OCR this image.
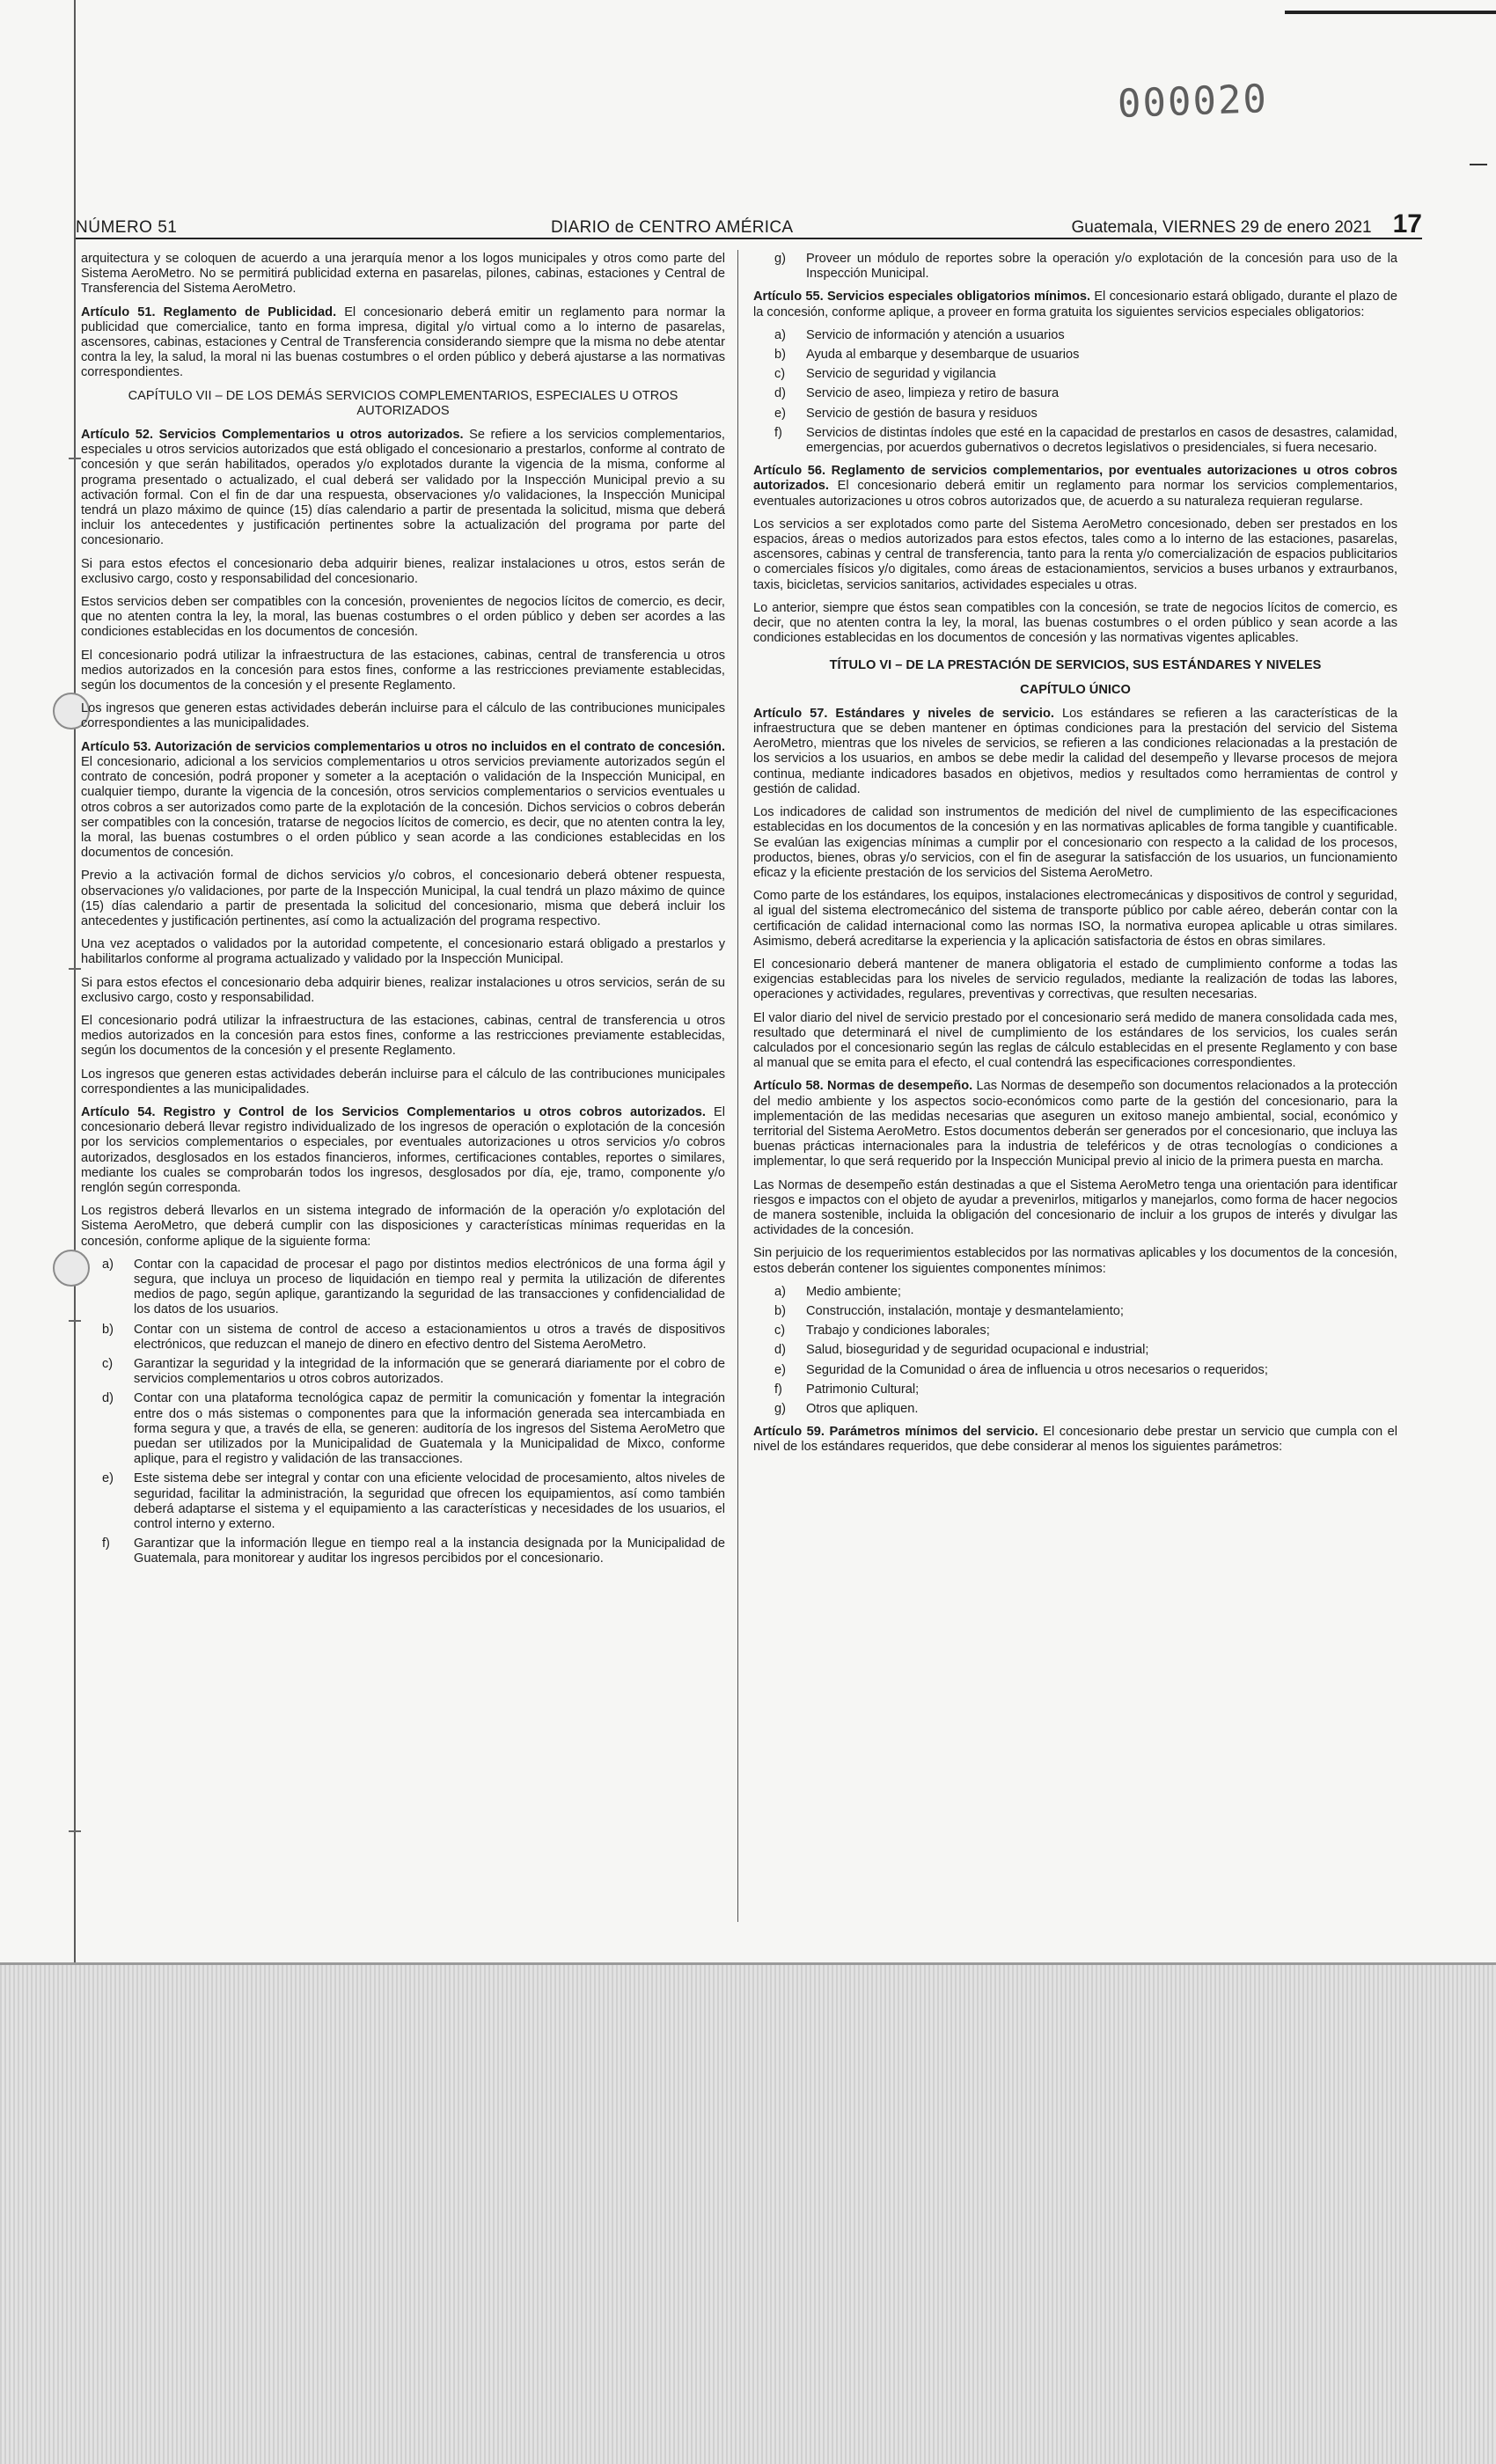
000020
NÚMERO 51	DIARIO de CENTRO AMÉRICA	Guatemala, VIERNES 29 de enero 2021 17

arquitectura y se coloquen de acuerdo a una jerarquía menor a los logos municipales y otros como parte del Sistema AeroMetro. No se permitirá publicidad externa en pasarelas, pilones, cabinas, estaciones y Central de Transferencia del Sistema AeroMetro.

Artículo 51. Reglamento de Publicidad. El concesionario deberá emitir un reglamento para normar la publicidad que comercialice, tanto en forma impresa, digital y/o virtual como a lo interno de pasarelas, ascensores, cabinas, estaciones y Central de Transferencia considerando siempre que la misma no debe atentar contra la ley, la salud, la moral ni las buenas costumbres o el orden público y deberá ajustarse a las normativas correspondientes.

CAPÍTULO VII – DE LOS DEMÁS SERVICIOS COMPLEMENTARIOS, ESPECIALES U OTROS AUTORIZADOS

Artículo 52. Servicios Complementarios u otros autorizados. Se refiere a los servicios complementarios, especiales u otros servicios autorizados que está obligado el concesionario a prestarlos, conforme al contrato de concesión y que serán habilitados, operados y/o explotados durante la vigencia de la misma, conforme al programa presentado o actualizado, el cual deberá ser validado por la Inspección Municipal previo a su activación formal. Con el fin de dar una respuesta, observaciones y/o validaciones, la Inspección Municipal tendrá un plazo máximo de quince (15) días calendario a partir de presentada la solicitud, misma que deberá incluir los antecedentes y justificación pertinentes sobre la actualización del programa por parte del concesionario.

Si para estos efectos el concesionario deba adquirir bienes, realizar instalaciones u otros, estos serán de exclusivo cargo, costo y responsabilidad del concesionario.

Estos servicios deben ser compatibles con la concesión, provenientes de negocios lícitos de comercio, es decir, que no atenten contra la ley, la moral, las buenas costumbres o el orden público y deben ser acordes a las condiciones establecidas en los documentos de concesión.

El concesionario podrá utilizar la infraestructura de las estaciones, cabinas, central de transferencia u otros medios autorizados en la concesión para estos fines, conforme a las restricciones previamente establecidas, según los documentos de la concesión y el presente Reglamento.

Los ingresos que generen estas actividades deberán incluirse para el cálculo de las contribuciones municipales correspondientes a las municipalidades.

Artículo 53. Autorización de servicios complementarios u otros no incluidos en el contrato de concesión. El concesionario, adicional a los servicios complementarios u otros servicios previamente autorizados según el contrato de concesión, podrá proponer y someter a la aceptación o validación de la Inspección Municipal, en cualquier tiempo, durante la vigencia de la concesión, otros servicios complementarios o servicios eventuales u otros cobros a ser autorizados como parte de la explotación de la concesión. Dichos servicios o cobros deberán ser compatibles con la concesión, tratarse de negocios lícitos de comercio, es decir, que no atenten contra la ley, la moral, las buenas costumbres o el orden público y sean acorde a las condiciones establecidas en los documentos de concesión.

Previo a la activación formal de dichos servicios y/o cobros, el concesionario deberá obtener respuesta, observaciones y/o validaciones, por parte de la Inspección Municipal, la cual tendrá un plazo máximo de quince (15) días calendario a partir de presentada la solicitud del concesionario, misma que deberá incluir los antecedentes y justificación pertinentes, así como la actualización del programa respectivo.

Una vez aceptados o validados por la autoridad competente, el concesionario estará obligado a prestarlos y habilitarlos conforme al programa actualizado y validado por la Inspección Municipal.

Si para estos efectos el concesionario deba adquirir bienes, realizar instalaciones u otros servicios, serán de su exclusivo cargo, costo y responsabilidad.

El concesionario podrá utilizar la infraestructura de las estaciones, cabinas, central de transferencia u otros medios autorizados en la concesión para estos fines, conforme a las restricciones previamente establecidas, según los documentos de la concesión y el presente Reglamento.

Los ingresos que generen estas actividades deberán incluirse para el cálculo de las contribuciones municipales correspondientes a las municipalidades.

Artículo 54. Registro y Control de los Servicios Complementarios u otros cobros autorizados. El concesionario deberá llevar registro individualizado de los ingresos de operación o explotación de la concesión por los servicios complementarios o especiales, por eventuales autorizaciones u otros servicios y/o cobros autorizados, desglosados en los estados financieros, informes, certificaciones contables, reportes o similares, mediante los cuales se comprobarán todos los ingresos, desglosados por día, eje, tramo, componente y/o renglón según corresponda.

Los registros deberá llevarlos en un sistema integrado de información de la operación y/o explotación del Sistema AeroMetro, que deberá cumplir con las disposiciones y características mínimas requeridas en la concesión, conforme aplique de la siguiente forma:

a)	Contar con la capacidad de procesar el pago por distintos medios electrónicos de una forma ágil y segura, que incluya un proceso de liquidación en tiempo real y permita la utilización de diferentes medios de pago, según aplique, garantizando la seguridad de las transacciones y confidencialidad de los datos de los usuarios.
b)	Contar con un sistema de control de acceso a estacionamientos u otros a través de dispositivos electrónicos, que reduzcan el manejo de dinero en efectivo dentro del Sistema AeroMetro.
c)	Garantizar la seguridad y la integridad de la información que se generará diariamente por el cobro de servicios complementarios u otros cobros autorizados.
d)	Contar con una plataforma tecnológica capaz de permitir la comunicación y fomentar la integración entre dos o más sistemas o componentes para que la información generada sea intercambiada en forma segura y que, a través de ella, se generen: auditoría de los ingresos del Sistema AeroMetro que puedan ser utilizados por la Municipalidad de Guatemala y la Municipalidad de Mixco, conforme aplique, para el registro y validación de las transacciones.
e)	Este sistema debe ser integral y contar con una eficiente velocidad de procesamiento, altos niveles de seguridad, facilitar la administración, la seguridad que ofrecen los equipamientos, así como también deberá adaptarse el sistema y el equipamiento a las características y necesidades de los usuarios, el control interno y externo.
f)	Garantizar que la información llegue en tiempo real a la instancia designada por la Municipalidad de Guatemala, para monitorear y auditar los ingresos percibidos por el concesionario.
g)	Proveer un módulo de reportes sobre la operación y/o explotación de la concesión para uso de la Inspección Municipal.

Artículo 55. Servicios especiales obligatorios mínimos. El concesionario estará obligado, durante el plazo de la concesión, conforme aplique, a proveer en forma gratuita los siguientes servicios especiales obligatorios:

a)	Servicio de información y atención a usuarios
b)	Ayuda al embarque y desembarque de usuarios
c)	Servicio de seguridad y vigilancia
d)	Servicio de aseo, limpieza y retiro de basura
e)	Servicio de gestión de basura y residuos
f)	Servicios de distintas índoles que esté en la capacidad de prestarlos en casos de desastres, calamidad, emergencias, por acuerdos gubernativos o decretos legislativos o presidenciales, si fuera necesario.

Artículo 56. Reglamento de servicios complementarios, por eventuales autorizaciones u otros cobros autorizados. El concesionario deberá emitir un reglamento para normar los servicios complementarios, eventuales autorizaciones u otros cobros autorizados que, de acuerdo a su naturaleza requieran regularse.

Los servicios a ser explotados como parte del Sistema AeroMetro concesionado, deben ser prestados en los espacios, áreas o medios autorizados para estos efectos, tales como a lo interno de las estaciones, pasarelas, ascensores, cabinas y central de transferencia, tanto para la renta y/o comercialización de espacios publicitarios o comerciales físicos y/o digitales, como áreas de estacionamientos, servicios a buses urbanos y extraurbanos, taxis, bicicletas, servicios sanitarios, actividades especiales u otras.

Lo anterior, siempre que éstos sean compatibles con la concesión, se trate de negocios lícitos de comercio, es decir, que no atenten contra la ley, la moral, las buenas costumbres o el orden público y sean acorde a las condiciones establecidas en los documentos de concesión y las normativas vigentes aplicables.

TÍTULO VI – DE LA PRESTACIÓN DE SERVICIOS, SUS ESTÁNDARES Y NIVELES

CAPÍTULO ÚNICO

Artículo 57. Estándares y niveles de servicio. Los estándares se refieren a las características de la infraestructura que se deben mantener en óptimas condiciones para la prestación del servicio del Sistema AeroMetro, mientras que los niveles de servicios, se refieren a las condiciones relacionadas a la prestación de los servicios a los usuarios, en ambos se debe medir la calidad del desempeño y llevarse procesos de mejora continua, mediante indicadores basados en objetivos, medios y resultados como herramientas de control y gestión de calidad.

Los indicadores de calidad son instrumentos de medición del nivel de cumplimiento de las especificaciones establecidas en los documentos de la concesión y en las normativas aplicables de forma tangible y cuantificable. Se evalúan las exigencias mínimas a cumplir por el concesionario con respecto a la calidad de los procesos, productos, bienes, obras y/o servicios, con el fin de asegurar la satisfacción de los usuarios, un funcionamiento eficaz y la eficiente prestación de los servicios del Sistema AeroMetro.

Como parte de los estándares, los equipos, instalaciones electromecánicas y dispositivos de control y seguridad, al igual del sistema electromecánico del sistema de transporte público por cable aéreo, deberán contar con la certificación de calidad internacional como las normas ISO, la normativa europea aplicable u otras similares. Asimismo, deberá acreditarse la experiencia y la aplicación satisfactoria de éstos en obras similares.

El concesionario deberá mantener de manera obligatoria el estado de cumplimiento conforme a todas las exigencias establecidas para los niveles de servicio regulados, mediante la realización de todas las labores, operaciones y actividades, regulares, preventivas y correctivas, que resulten necesarias.

El valor diario del nivel de servicio prestado por el concesionario será medido de manera consolidada cada mes, resultado que determinará el nivel de cumplimiento de los estándares de los servicios, los cuales serán calculados por el concesionario según las reglas de cálculo establecidas en el presente Reglamento y con base al manual que se emita para el efecto, el cual contendrá las especificaciones correspondientes.

Artículo 58. Normas de desempeño. Las Normas de desempeño son documentos relacionados a la protección del medio ambiente y los aspectos socio-económicos como parte de la gestión del concesionario, para la implementación de las medidas necesarias que aseguren un exitoso manejo ambiental, social, económico y territorial del Sistema AeroMetro. Estos documentos deberán ser generados por el concesionario, que incluya las buenas prácticas internacionales para la industria de teleféricos y de otras tecnologías o condiciones a implementar, lo que será requerido por la Inspección Municipal previo al inicio de la primera puesta en marcha.

Las Normas de desempeño están destinadas a que el Sistema AeroMetro tenga una orientación para identificar riesgos e impactos con el objeto de ayudar a prevenirlos, mitigarlos y manejarlos, como forma de hacer negocios de manera sostenible, incluida la obligación del concesionario de incluir a los grupos de interés y divulgar las actividades de la concesión.

Sin perjuicio de los requerimientos establecidos por las normativas aplicables y los documentos de la concesión, estos deberán contener los siguientes componentes mínimos:

a)	Medio ambiente;
b)	Construcción, instalación, montaje y desmantelamiento;
c)	Trabajo y condiciones laborales;
d)	Salud, bioseguridad y de seguridad ocupacional e industrial;
e)	Seguridad de la Comunidad o área de influencia u otros necesarios o requeridos;
f)	Patrimonio Cultural;
g)	Otros que apliquen.

Artículo 59. Parámetros mínimos del servicio. El concesionario debe prestar un servicio que cumpla con el nivel de los estándares requeridos, que debe considerar al menos los siguientes parámetros:
